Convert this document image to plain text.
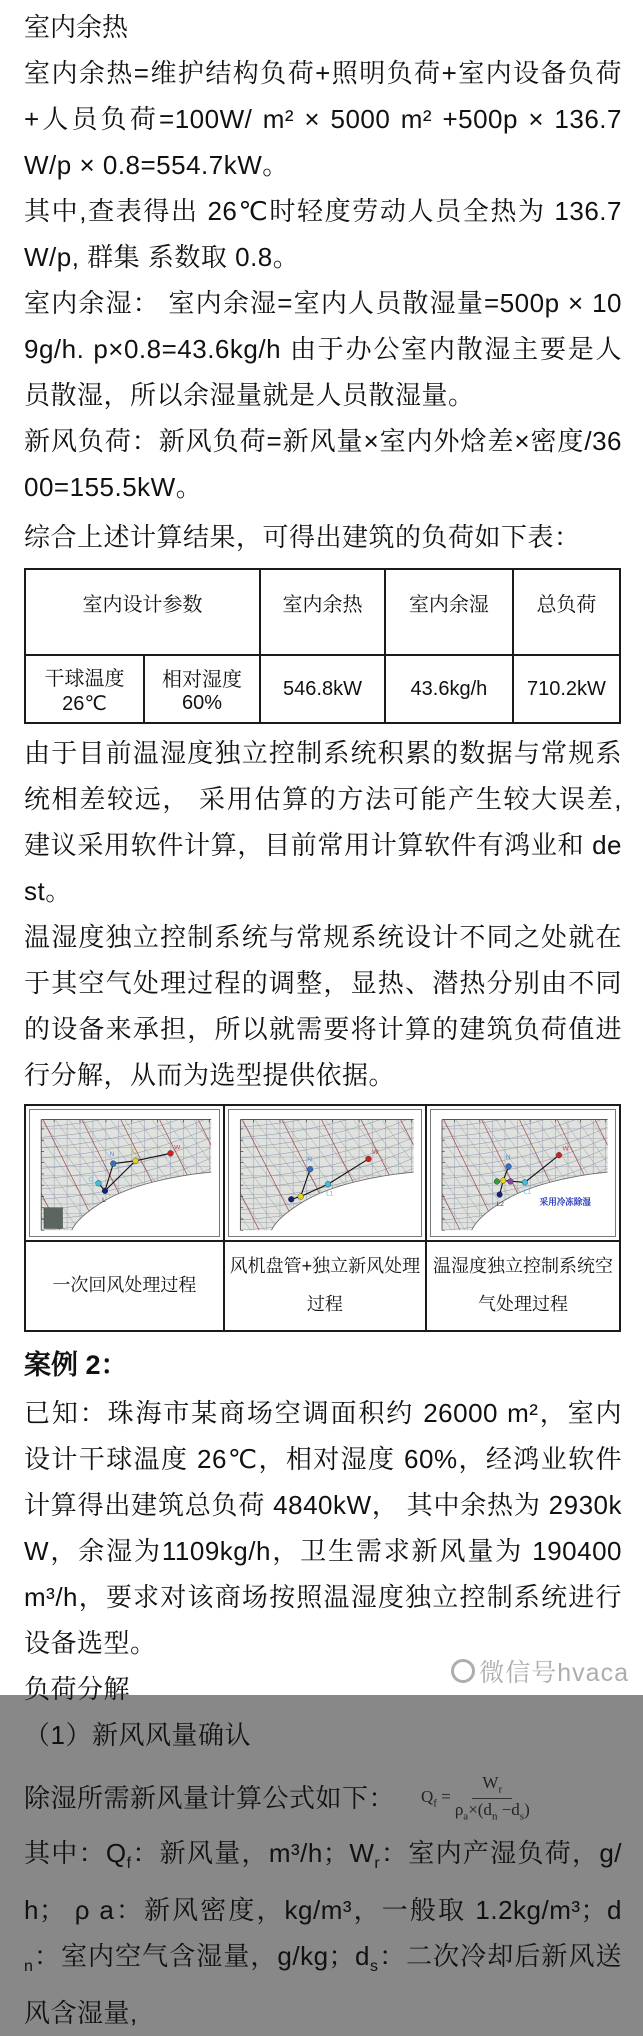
室内余热

室内余热=维护结构负荷+照明负荷+室内设备负荷+人员负荷=100W/ m² × 5000 m² +500p × 136.7W/p × 0.8=554.7kW。

其中,查表得出 26℃时轻度劳动人员全热为 136.7W/p, 群集 系数取 0.8。

室内余湿： 室内余湿=室内人员散湿量=500p × 109g/h. p×0.8=43.6kg/h 由于办公室内散湿主要是人员散湿，所以余湿量就是人员散湿量。

新风负荷：新风负荷=新风量×室内外焓差×密度/3600=155.5kW。

综合上述计算结果，可得出建筑的负荷如下表：

室内设计参数		室内余热	室内余湿	总负荷
干球温度 26℃	相对湿度 60%	546.8kW	43.6kg/h	710.2kW

由于目前温湿度独立控制系统积累的数据与常规系统相差较远， 采用估算的方法可能产生较大误差,建议采用软件计算，目前常用计算软件有鸿业和 dest。

温湿度独立控制系统与常规系统设计不同之处就在于其空气处理过程的调整，显热、潜热分别由不同的设备来承担，所以就需要将计算的建筑负荷值进行分解，从而为选型提供依据。

W
C
N
O
L	W
N
L1	W
N
L1
L2 采用冷冻除湿

一次回风处理过程	风机盘管+独立新风处理过程	温湿度独立控制系统空气处理过程
案例 2：

已知：珠海市某商场空调面积约 26000 m²，室内设计干球温度 26℃，相对湿度 60%，经鸿业软件计算得出建筑总负荷 4840kW， 其中余热为 2930kW，余湿为1109kg/h，卫生需求新风量为 190400m³/h，要求对该商场按照温湿度独立控制系统进行设备选型。

负荷分解

（1）新风风量确认

除湿所需新风量计算公式如下： $Q_f = \frac{W_r}{\rho_a\times(d_n -d_s)}$

其中：$Q_f$：新风量，m³/h；$W_r$：室内产湿负荷，g/h； ρ a：新风密度，kg/m³，一般取 1.2kg/m³；$d_n$：室内空气含湿量，g/kg；$d_s$：二次冷却后新风送风含湿量,

微信号hvaca
